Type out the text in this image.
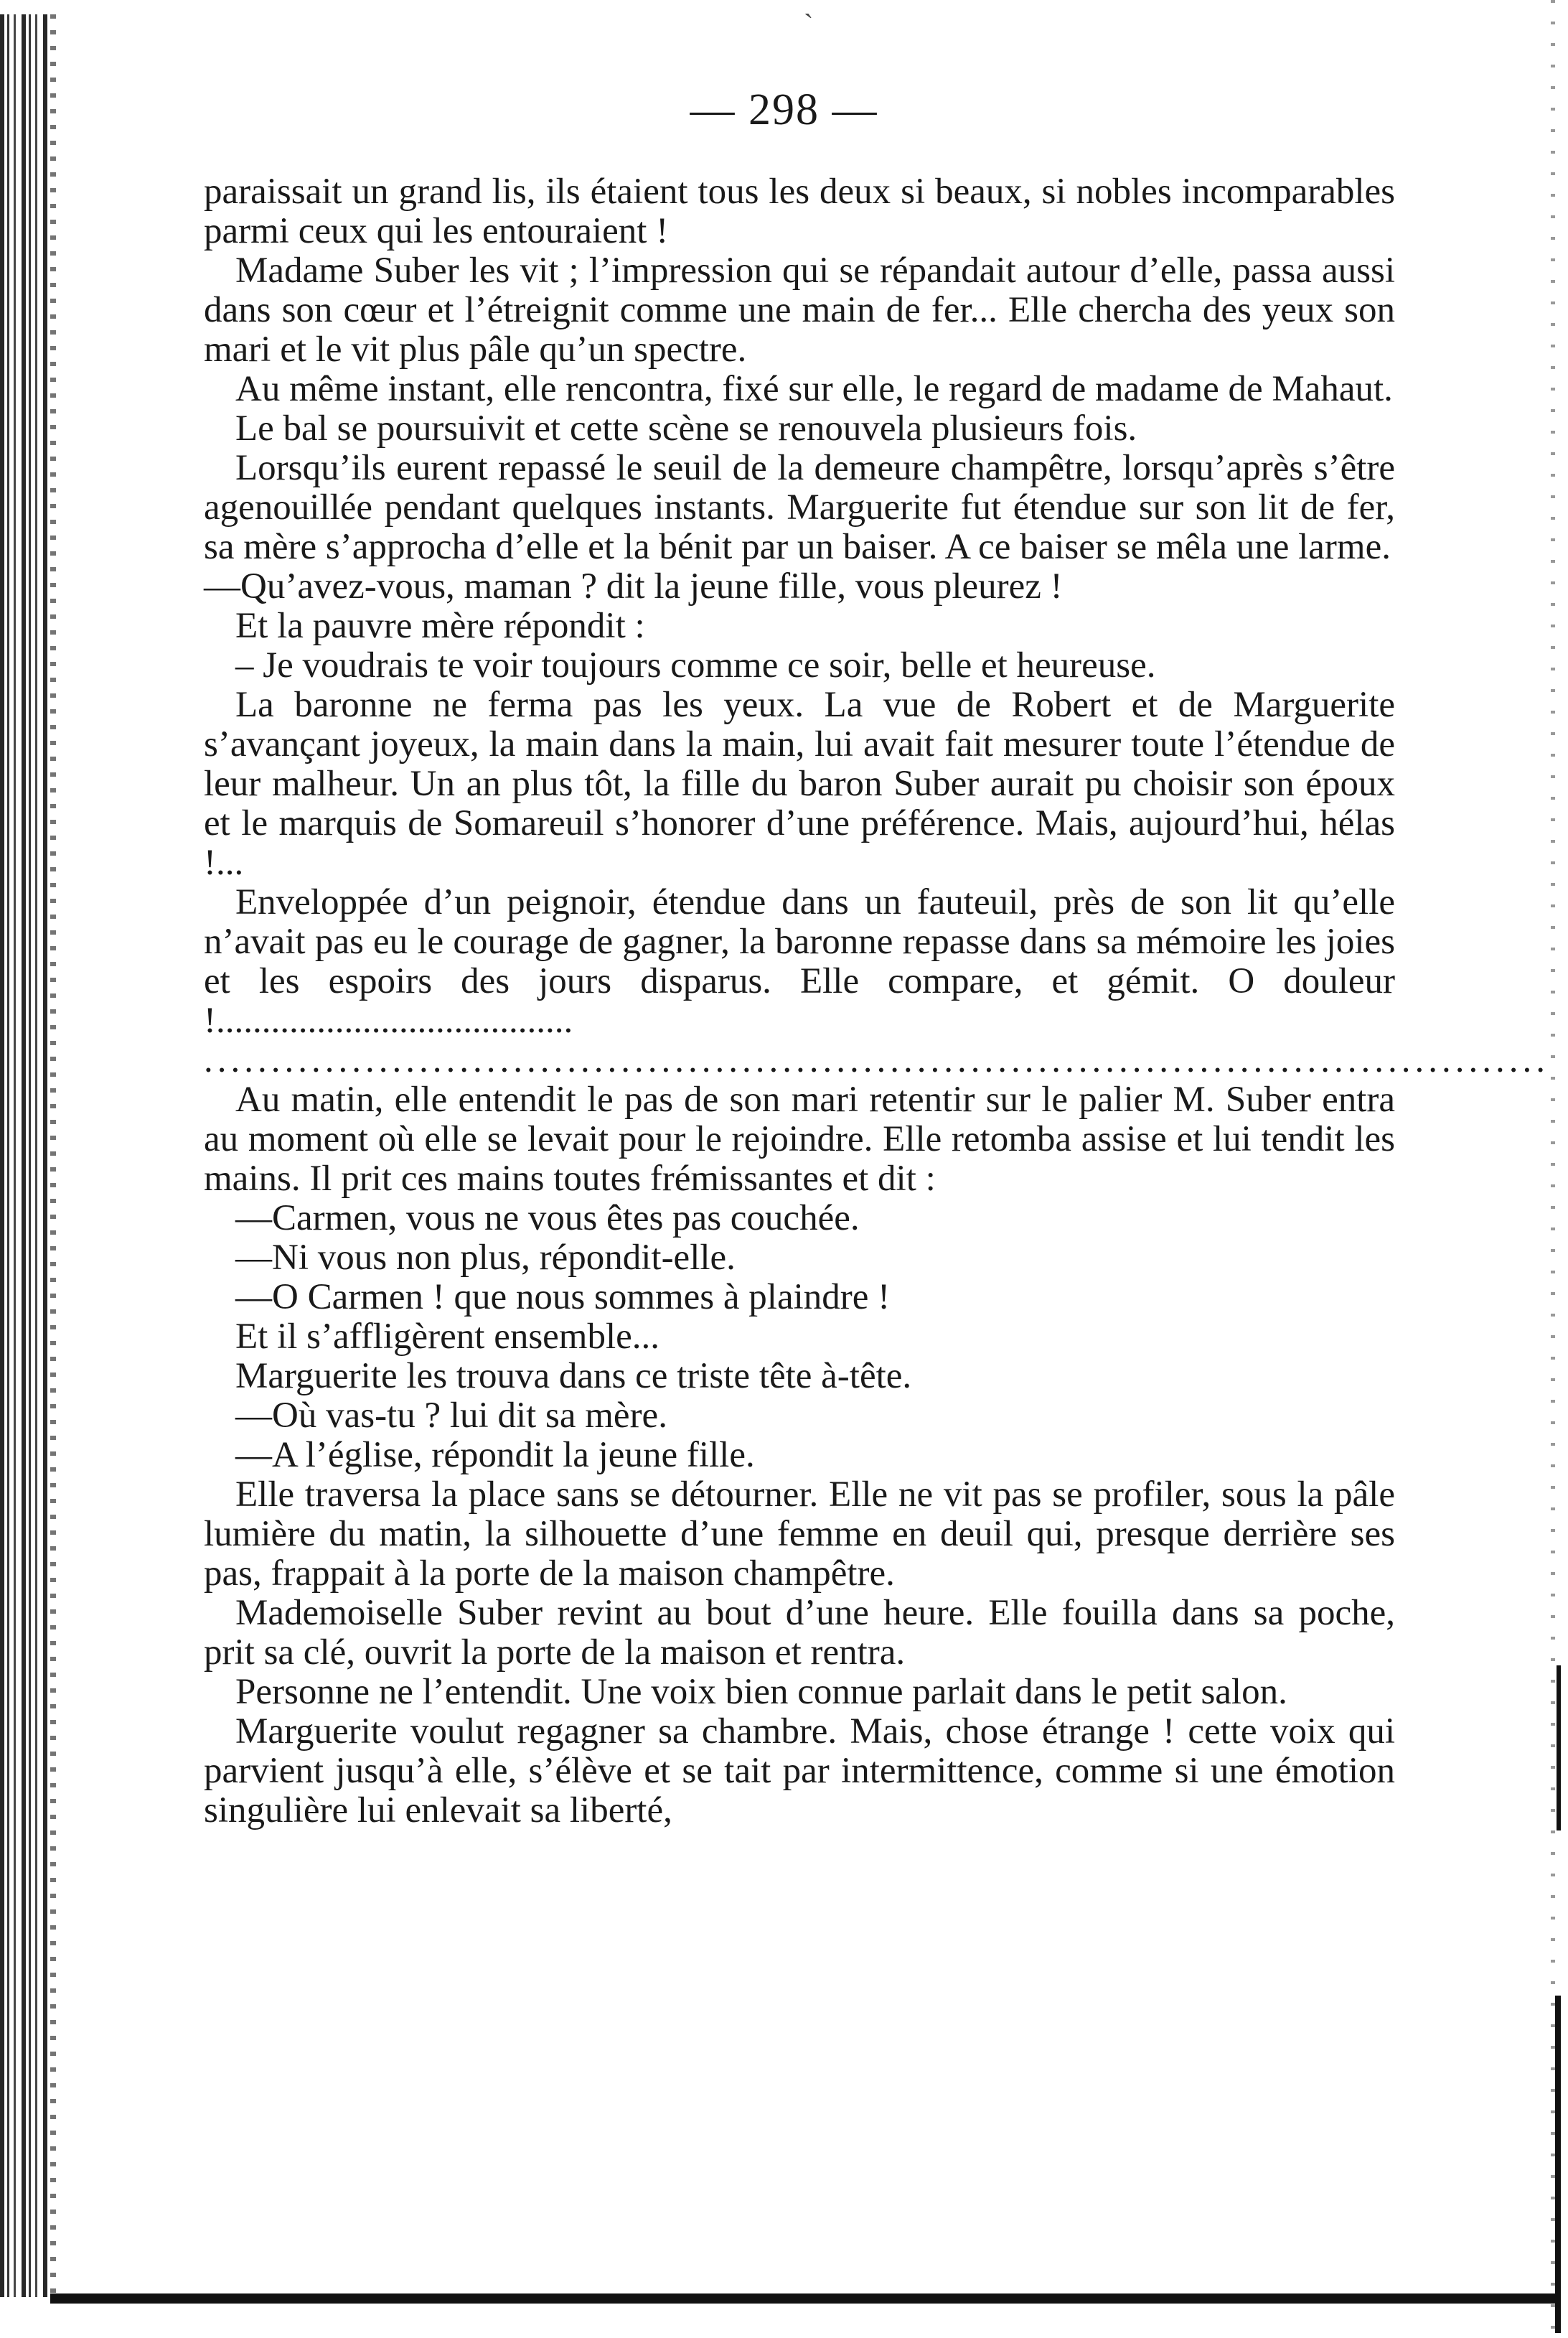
`
— 298 —

paraissait un grand lis, ils étaient tous les deux si beaux, si nobles incomparables parmi ceux qui les entouraient !

Madame Suber les vit ; l’impression qui se répandait autour d’elle, passa aussi dans son cœur et l’étreignit comme une main de fer... Elle chercha des yeux son mari et le vit plus pâle qu’un spectre.

Au même instant, elle rencontra, fixé sur elle, le regard de madame de Mahaut.

Le bal se poursuivit et cette scène se renouvela plusieurs fois.

Lorsqu’ils eurent repassé le seuil de la demeure champêtre, lorsqu’après s’être agenouillée pendant quelques instants. Marguerite fut étendue sur son lit de fer, sa mère s’approcha d’elle et la bénit par un baiser. A ce baiser se mêla une larme.

—Qu’avez-vous, maman ? dit la jeune fille, vous pleurez !

Et la pauvre mère répondit :

– Je voudrais te voir toujours comme ce soir, belle et heureuse.

La baronne ne ferma pas les yeux. La vue de Robert et de Marguerite s’avançant joyeux, la main dans la main, lui avait fait mesurer toute l’étendue de leur malheur. Un an plus tôt, la fille du baron Suber aurait pu choisir son époux et le marquis de Somareuil s’honorer d’une préférence. Mais, aujourd’hui, hélas !...

Enveloppée d’un peignoir, étendue dans un fauteuil, près de son lit qu’elle n’avait pas eu le courage de gagner, la baronne repasse dans sa mémoire les joies et les espoirs des jours disparus. Elle compare, et gémit. O douleur !.......................................

....................................................................................................

Au matin, elle entendit le pas de son mari retentir sur le palier M. Suber entra au moment où elle se levait pour le rejoindre. Elle retomba assise et lui tendit les mains. Il prit ces mains toutes frémissantes et dit :

—Carmen, vous ne vous êtes pas couchée.

—Ni vous non plus, répondit-elle.

—O Carmen ! que nous sommes à plaindre !

Et il s’affligèrent ensemble...

Marguerite les trouva dans ce triste tête à-tête.

—Où vas-tu ? lui dit sa mère.

—A l’église, répondit la jeune fille.

Elle traversa la place sans se détourner. Elle ne vit pas se profiler, sous la pâle lumière du matin, la silhouette d’une femme en deuil qui, presque derrière ses pas, frappait à la porte de la maison champêtre.

Mademoiselle Suber revint au bout d’une heure. Elle fouilla dans sa poche, prit sa clé, ouvrit la porte de la maison et rentra.

Personne ne l’entendit. Une voix bien connue parlait dans le petit salon.

Marguerite voulut regagner sa chambre. Mais, chose étrange ! cette voix qui parvient jusqu’à elle, s’élève et se tait par intermittence, comme si une émotion singulière lui enlevait sa liberté,
